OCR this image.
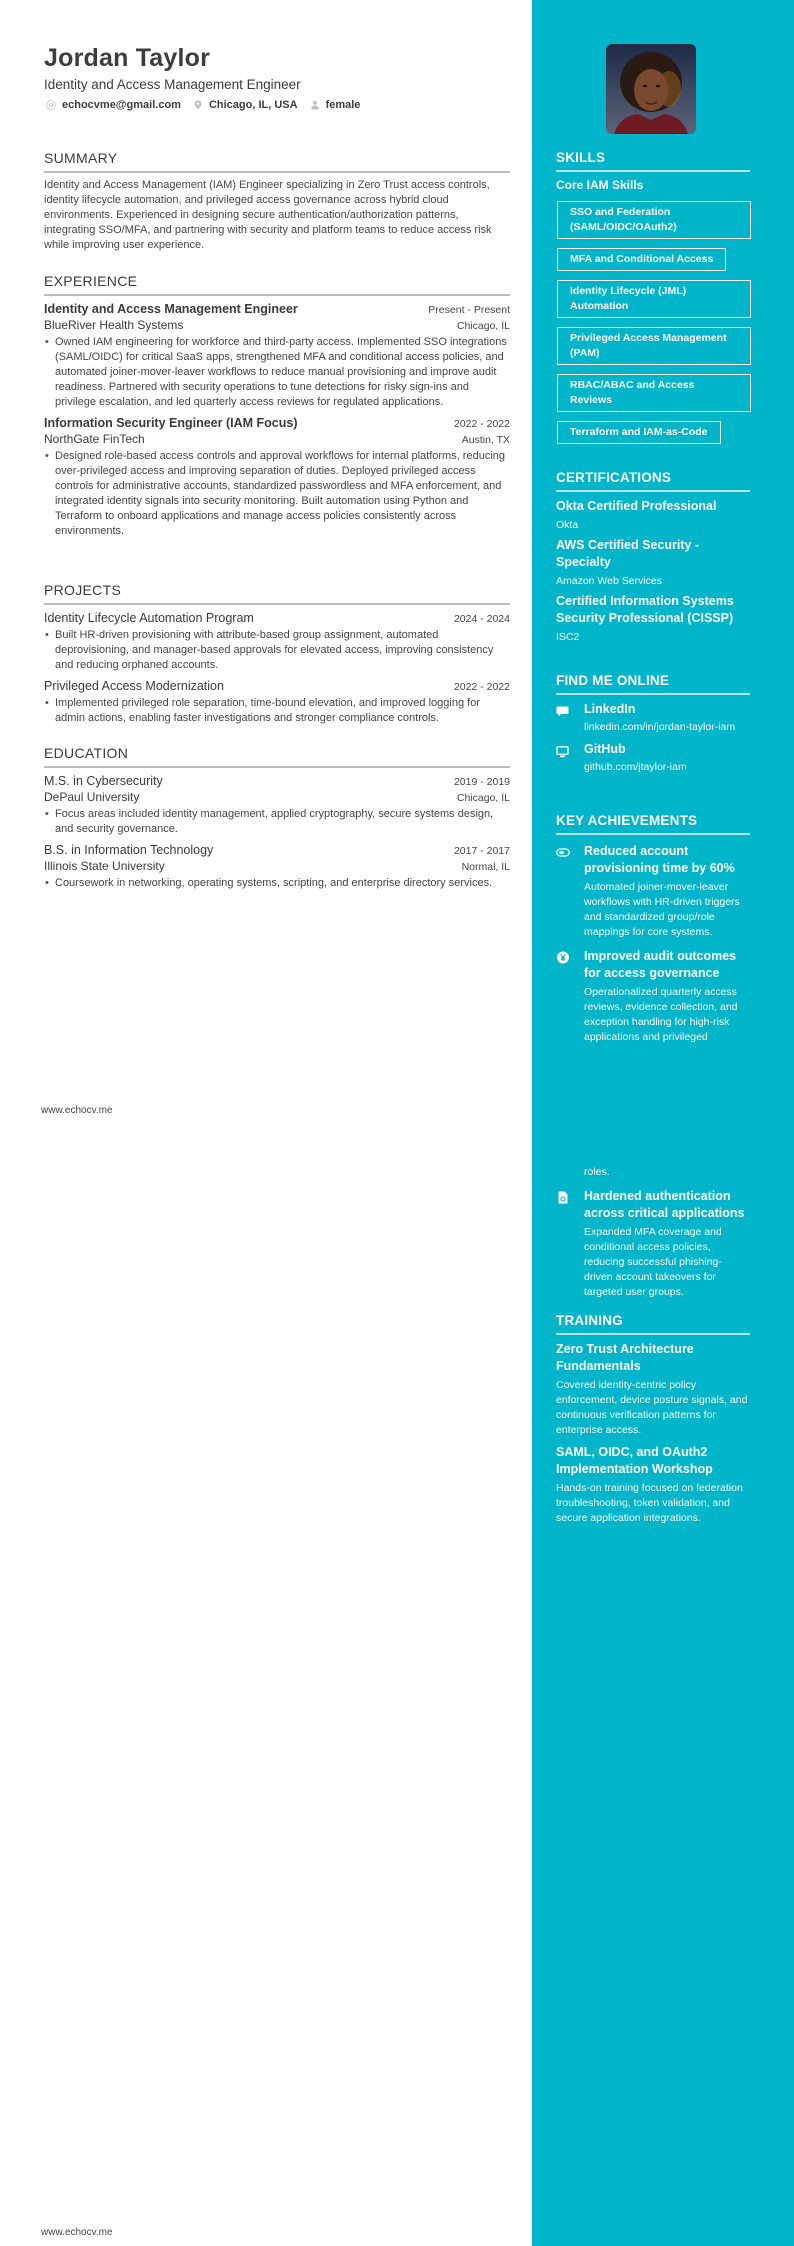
Jordan Taylor
Identity and Access Management Engineer
echocvme@gmail.com	Chicago, IL, USA	female
SUMMARY
Identity and Access Management (IAM) Engineer specializing in Zero Trust access controls, identity lifecycle automation, and privileged access governance across hybrid cloud environments. Experienced in designing secure authentication/authorization patterns, integrating SSO/MFA, and partnering with security and platform teams to reduce access risk while improving user experience.
EXPERIENCE
Identity and Access Management Engineer	Present - Present
BlueRiver Health Systems	Chicago, IL
• Owned IAM engineering for workforce and third-party access. Implemented SSO integrations (SAML/OIDC) for critical SaaS apps, strengthened MFA and conditional access policies, and automated joiner-mover-leaver workflows to reduce manual provisioning and improve audit readiness. Partnered with security operations to tune detections for risky sign-ins and privilege escalation, and led quarterly access reviews for regulated applications.
Information Security Engineer (IAM Focus)	2022 - 2022
NorthGate FinTech	Austin, TX
• Designed role-based access controls and approval workflows for internal platforms, reducing over-privileged access and improving separation of duties. Deployed privileged access controls for administrative accounts, standardized passwordless and MFA enforcement, and integrated identity signals into security monitoring. Built automation using Python and Terraform to onboard applications and manage access policies consistently across environments.
PROJECTS
Identity Lifecycle Automation Program	2024 - 2024
• Built HR-driven provisioning with attribute-based group assignment, automated deprovisioning, and manager-based approvals for elevated access, improving consistency and reducing orphaned accounts.
Privileged Access Modernization	2022 - 2022
• Implemented privileged role separation, time-bound elevation, and improved logging for admin actions, enabling faster investigations and stronger compliance controls.
EDUCATION
M.S. in Cybersecurity	2019 - 2019
DePaul University	Chicago, IL
• Focus areas included identity management, applied cryptography, secure systems design, and security governance.
B.S. in Information Technology	2017 - 2017
Illinois State University	Normal, IL
• Coursework in networking, operating systems, scripting, and enterprise directory services.
www.echocv.me
www.echocv.me
SKILLS
Core IAM Skills
SSO and Federation (SAML/OIDC/OAuth2)
MFA and Conditional Access
Identity Lifecycle (JML) Automation
Privileged Access Management (PAM)
RBAC/ABAC and Access Reviews
Terraform and IAM-as-Code
CERTIFICATIONS
Okta Certified Professional
Okta
AWS Certified Security - Specialty
Amazon Web Services
Certified Information Systems Security Professional (CISSP)
ISC2
FIND ME ONLINE
LinkedIn
linkedin.com/in/jordan-taylor-iam
GitHub
github.com/jtaylor-iam
KEY ACHIEVEMENTS
Reduced account provisioning time by 60%
Automated joiner-mover-leaver workflows with HR-driven triggers and standardized group/role mappings for core systems.
Improved audit outcomes for access governance
Operationalized quarterly access reviews, evidence collection, and exception handling for high-risk applications and privileged
roles.
Hardened authentication across critical applications
Expanded MFA coverage and conditional access policies, reducing successful phishing-driven account takeovers for targeted user groups.
TRAINING
Zero Trust Architecture Fundamentals
Covered identity-centric policy enforcement, device posture signals, and continuous verification patterns for enterprise access.
SAML, OIDC, and OAuth2 Implementation Workshop
Hands-on training focused on federation troubleshooting, token validation, and secure application integrations.
